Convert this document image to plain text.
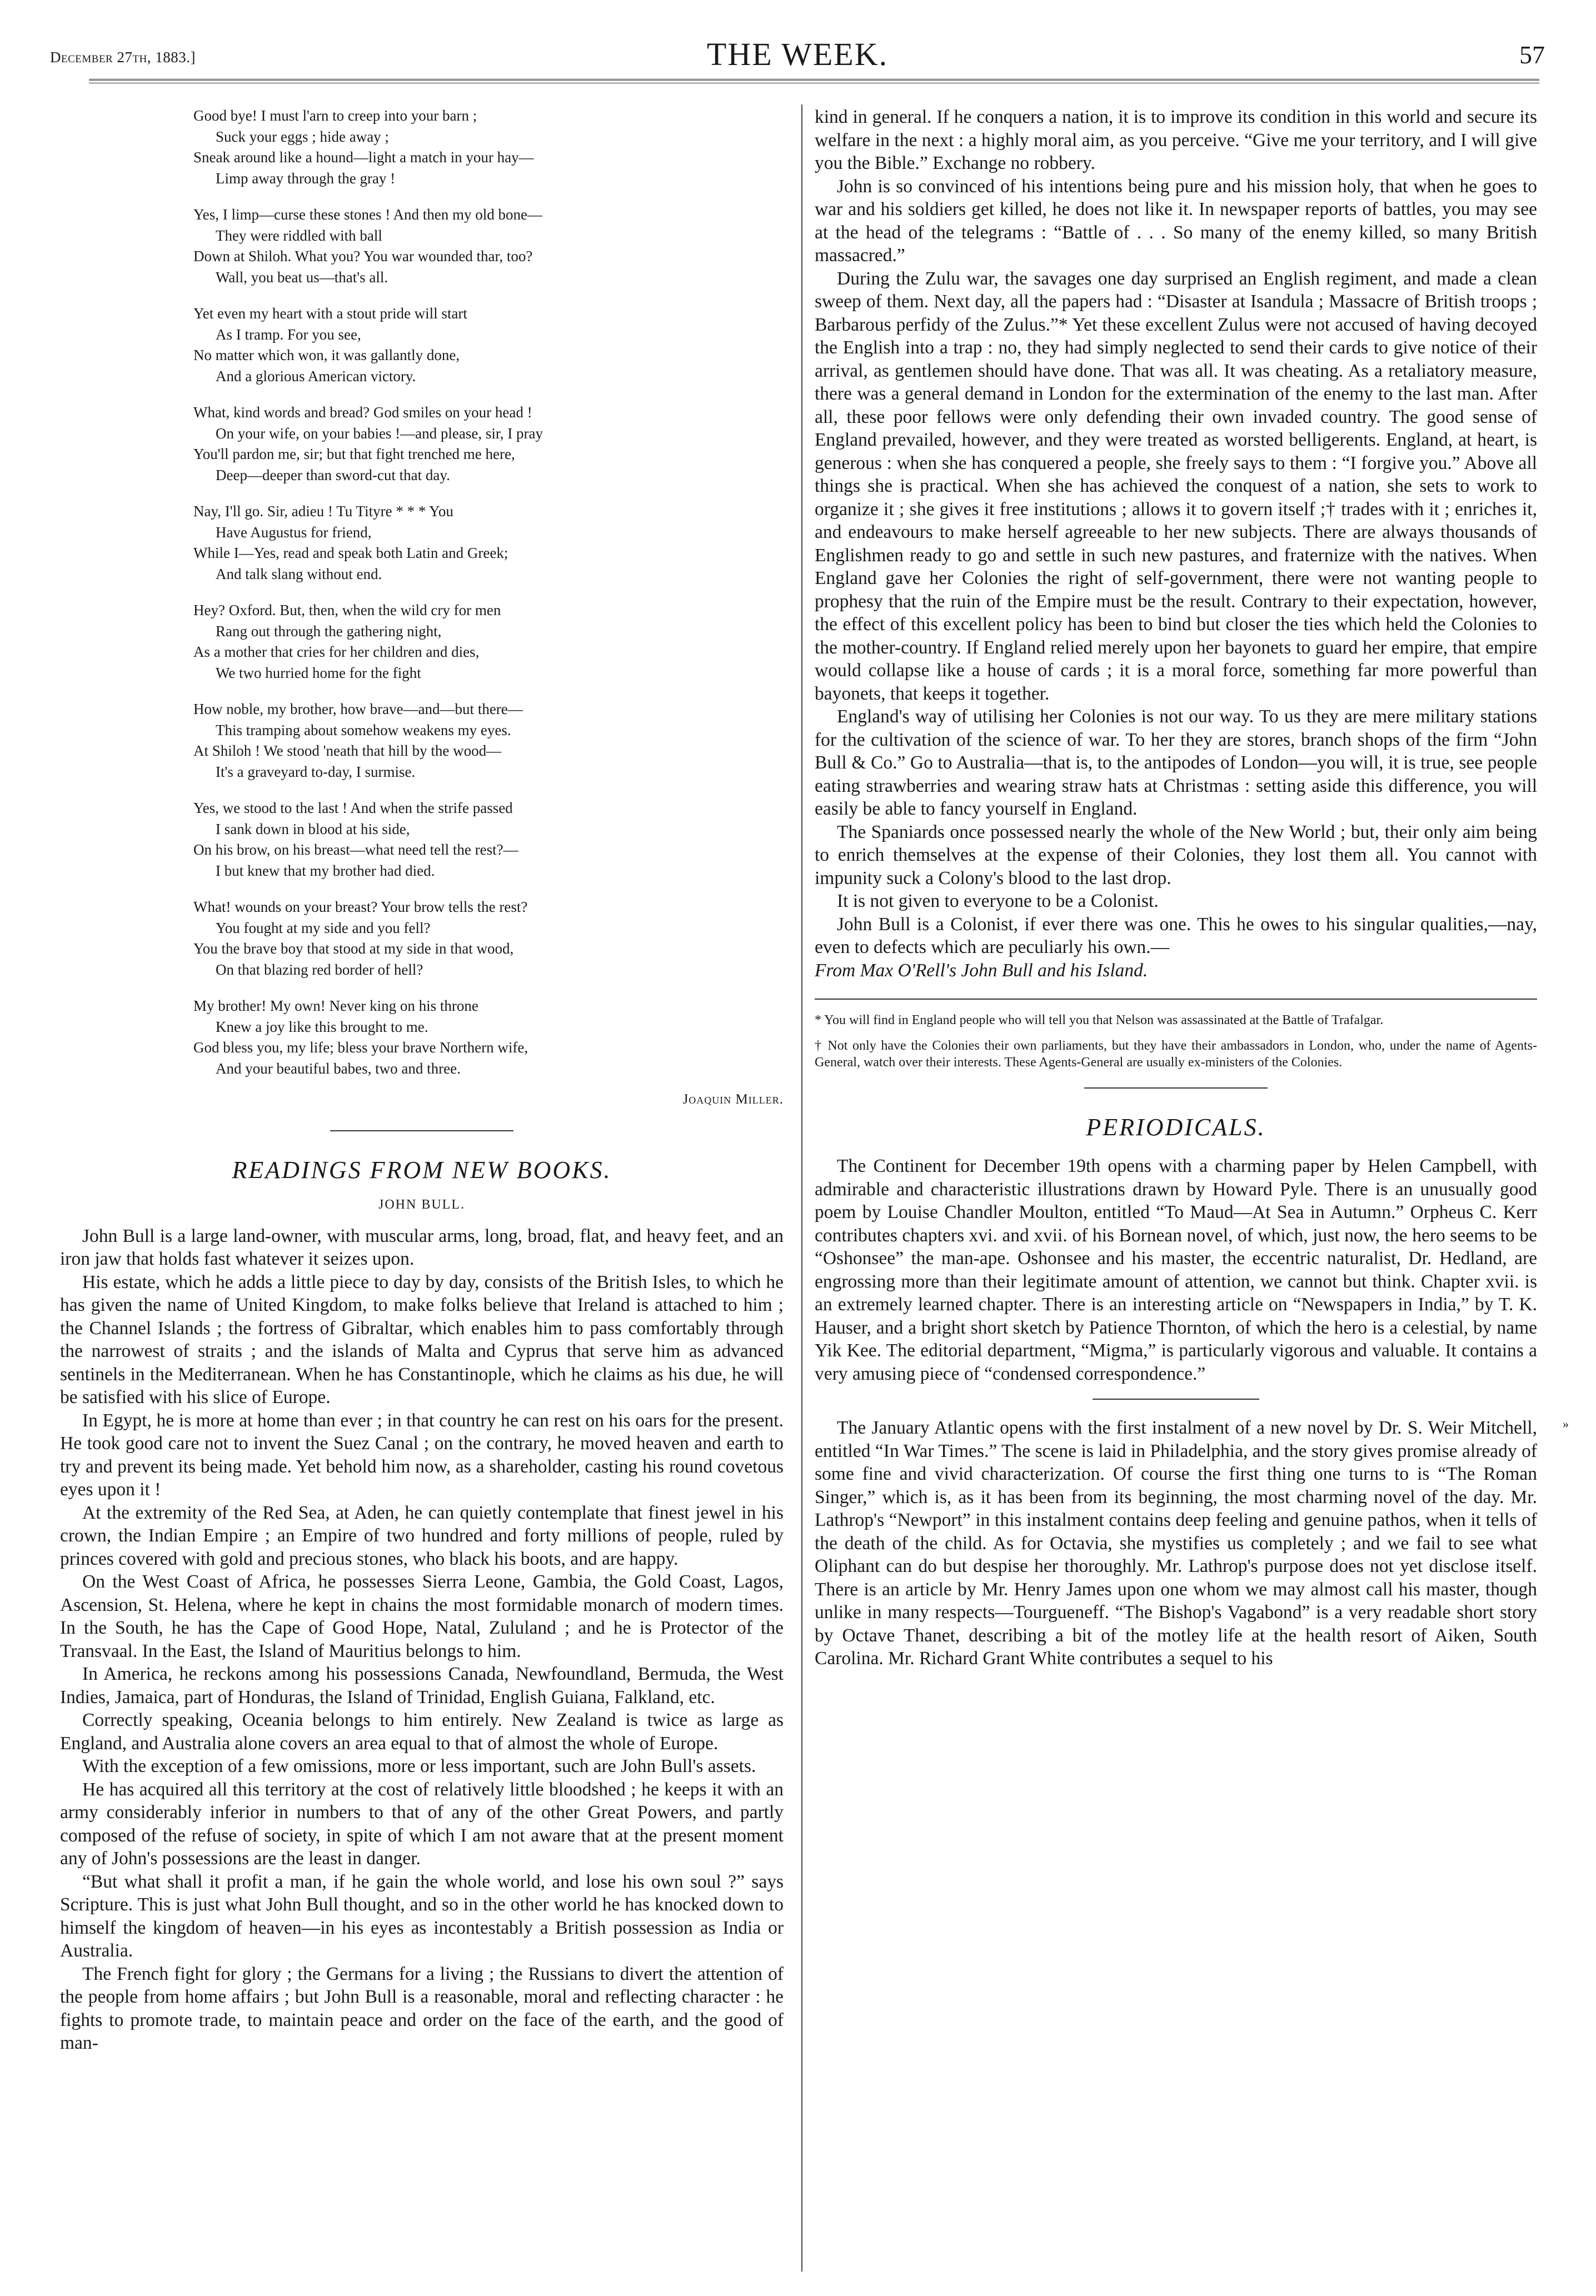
December 27th, 1883.]	THE WEEK.	57
Good bye! I must l'arn to creep into your barn ;
Suck your eggs ; hide away ;
Sneak around like a hound—light a match in your hay—
Limp away through the gray !
Yes, I limp—curse these stones ! And then my old bone—
They were riddled with ball
Down at Shiloh. What you? You war wounded thar, too?
Wall, you beat us—that's all.
Yet even my heart with a stout pride will start
As I tramp. For you see,
No matter which won, it was gallantly done,
And a glorious American victory.
What, kind words and bread? God smiles on your head !
On your wife, on your babies !—and please, sir, I pray
You'll pardon me, sir; but that fight trenched me here,
Deep—deeper than sword-cut that day.
Nay, I'll go. Sir, adieu ! Tu Tityre * * * You
Have Augustus for friend,
While I—Yes, read and speak both Latin and Greek;
And talk slang without end.
Hey? Oxford. But, then, when the wild cry for men
Rang out through the gathering night,
As a mother that cries for her children and dies,
We two hurried home for the fight
How noble, my brother, how brave—and—but there—
This tramping about somehow weakens my eyes.
At Shiloh ! We stood 'neath that hill by the wood—
It's a graveyard to-day, I surmise.
Yes, we stood to the last ! And when the strife passed
I sank down in blood at his side,
On his brow, on his breast—what need tell the rest?—
I but knew that my brother had died.
What! wounds on your breast? Your brow tells the rest?
You fought at my side and you fell?
You the brave boy that stood at my side in that wood,
On that blazing red border of hell?
My brother! My own! Never king on his throne
Knew a joy like this brought to me.
God bless you, my life; bless your brave Northern wife,
And your beautiful babes, two and three.
Joaquin Miller.
READINGS FROM NEW BOOKS.
JOHN BULL.

John Bull is a large land-owner, with muscular arms, long, broad, flat, and heavy feet, and an iron jaw that holds fast whatever it seizes upon.

His estate, which he adds a little piece to day by day, consists of the British Isles, to which he has given the name of United Kingdom, to make folks believe that Ireland is attached to him ; the Channel Islands ; the fortress of Gibraltar, which enables him to pass comfortably through the narrowest of straits ; and the islands of Malta and Cyprus that serve him as advanced sentinels in the Mediterranean. When he has Constantinople, which he claims as his due, he will be satisfied with his slice of Europe.

In Egypt, he is more at home than ever ; in that country he can rest on his oars for the present. He took good care not to invent the Suez Canal ; on the contrary, he moved heaven and earth to try and prevent its being made. Yet behold him now, as a shareholder, casting his round covetous eyes upon it !

At the extremity of the Red Sea, at Aden, he can quietly contemplate that finest jewel in his crown, the Indian Empire ; an Empire of two hundred and forty millions of people, ruled by princes covered with gold and precious stones, who black his boots, and are happy.

On the West Coast of Africa, he possesses Sierra Leone, Gambia, the Gold Coast, Lagos, Ascension, St. Helena, where he kept in chains the most formidable monarch of modern times. In the South, he has the Cape of Good Hope, Natal, Zululand ; and he is Protector of the Transvaal. In the East, the Island of Mauritius belongs to him.

In America, he reckons among his possessions Canada, Newfoundland, Bermuda, the West Indies, Jamaica, part of Honduras, the Island of Trinidad, English Guiana, Falkland, etc.

Correctly speaking, Oceania belongs to him entirely. New Zealand is twice as large as England, and Australia alone covers an area equal to that of almost the whole of Europe.

With the exception of a few omissions, more or less important, such are John Bull's assets.

He has acquired all this territory at the cost of relatively little bloodshed ; he keeps it with an army considerably inferior in numbers to that of any of the other Great Powers, and partly composed of the refuse of society, in spite of which I am not aware that at the present moment any of John's possessions are the least in danger.

“But what shall it profit a man, if he gain the whole world, and lose his own soul ?” says Scripture. This is just what John Bull thought, and so in the other world he has knocked down to himself the kingdom of heaven—in his eyes as incontestably a British possession as India or Australia.

The French fight for glory ; the Germans for a living ; the Russians to divert the attention of the people from home affairs ; but John Bull is a reasonable, moral and reflecting character : he fights to promote trade, to maintain peace and order on the face of the earth, and the good of man-

kind in general. If he conquers a nation, it is to improve its condition in this world and secure its welfare in the next : a highly moral aim, as you perceive. “Give me your territory, and I will give you the Bible.” Exchange no robbery.

John is so convinced of his intentions being pure and his mission holy, that when he goes to war and his soldiers get killed, he does not like it. In newspaper reports of battles, you may see at the head of the telegrams : “Battle of . . . So many of the enemy killed, so many British massacred.”

During the Zulu war, the savages one day surprised an English regiment, and made a clean sweep of them. Next day, all the papers had : “Disaster at Isandula ; Massacre of British troops ; Barbarous perfidy of the Zulus.”* Yet these excellent Zulus were not accused of having decoyed the English into a trap : no, they had simply neglected to send their cards to give notice of their arrival, as gentlemen should have done. That was all. It was cheating. As a retaliatory measure, there was a general demand in London for the extermination of the enemy to the last man. After all, these poor fellows were only defending their own invaded country. The good sense of England prevailed, however, and they were treated as worsted belligerents. England, at heart, is generous : when she has conquered a people, she freely says to them : “I forgive you.” Above all things she is practical. When she has achieved the conquest of a nation, she sets to work to organize it ; she gives it free institutions ; allows it to govern itself ;† trades with it ; enriches it, and endeavours to make herself agreeable to her new subjects. There are always thousands of Englishmen ready to go and settle in such new pastures, and fraternize with the natives. When England gave her Colonies the right of self-government, there were not wanting people to prophesy that the ruin of the Empire must be the result. Contrary to their expectation, however, the effect of this excellent policy has been to bind but closer the ties which held the Colonies to the mother-country. If England relied merely upon her bayonets to guard her empire, that empire would collapse like a house of cards ; it is a moral force, something far more powerful than bayonets, that keeps it together.

England's way of utilising her Colonies is not our way. To us they are mere military stations for the cultivation of the science of war. To her they are stores, branch shops of the firm “John Bull & Co.” Go to Australia—that is, to the antipodes of London—you will, it is true, see people eating strawberries and wearing straw hats at Christmas : setting aside this difference, you will easily be able to fancy yourself in England.

The Spaniards once possessed nearly the whole of the New World ; but, their only aim being to enrich themselves at the expense of their Colonies, they lost them all. You cannot with impunity suck a Colony's blood to the last drop.

It is not given to everyone to be a Colonist.

John Bull is a Colonist, if ever there was one. This he owes to his singular qualities,—nay, even to defects which are peculiarly his own.—

From Max O'Rell's John Bull and his Island.

* You will find in England people who will tell you that Nelson was assassinated at the Battle of Trafalgar.
† Not only have the Colonies their own parliaments, but they have their ambassadors in London, who, under the name of Agents-General, watch over their interests. These Agents-General are usually ex-ministers of the Colonies.
PERIODICALS.

The Continent for December 19th opens with a charming paper by Helen Campbell, with admirable and characteristic illustrations drawn by Howard Pyle. There is an unusually good poem by Louise Chandler Moulton, entitled “To Maud—At Sea in Autumn.” Orpheus C. Kerr contributes chapters xvi. and xvii. of his Bornean novel, of which, just now, the hero seems to be “Oshonsee” the man-ape. Oshonsee and his master, the eccentric naturalist, Dr. Hedland, are engrossing more than their legitimate amount of attention, we cannot but think. Chapter xvii. is an extremely learned chapter. There is an interesting article on “Newspapers in India,” by T. K. Hauser, and a bright short sketch by Patience Thornton, of which the hero is a celestial, by name Yik Kee. The editorial department, “Migma,” is particularly vigorous and valuable. It contains a very amusing piece of “condensed correspondence.”

The January Atlantic opens with the first instalment of a new novel by Dr. S. Weir Mitchell, entitled “In War Times.” The scene is laid in Philadelphia, and the story gives promise already of some fine and vivid characterization. Of course the first thing one turns to is “The Roman Singer,” which is, as it has been from its beginning, the most charming novel of the day. Mr. Lathrop's “Newport” in this instalment contains deep feeling and genuine pathos, when it tells of the death of the child. As for Octavia, she mystifies us completely ; and we fail to see what Oliphant can do but despise her thoroughly. Mr. Lathrop's purpose does not yet disclose itself. There is an article by Mr. Henry James upon one whom we may almost call his master, though unlike in many respects—Tourgueneff. “The Bishop's Vagabond” is a very readable short story by Octave Thanet, describing a bit of the motley life at the health resort of Aiken, South Carolina. Mr. Richard Grant White contributes a sequel to his

»
